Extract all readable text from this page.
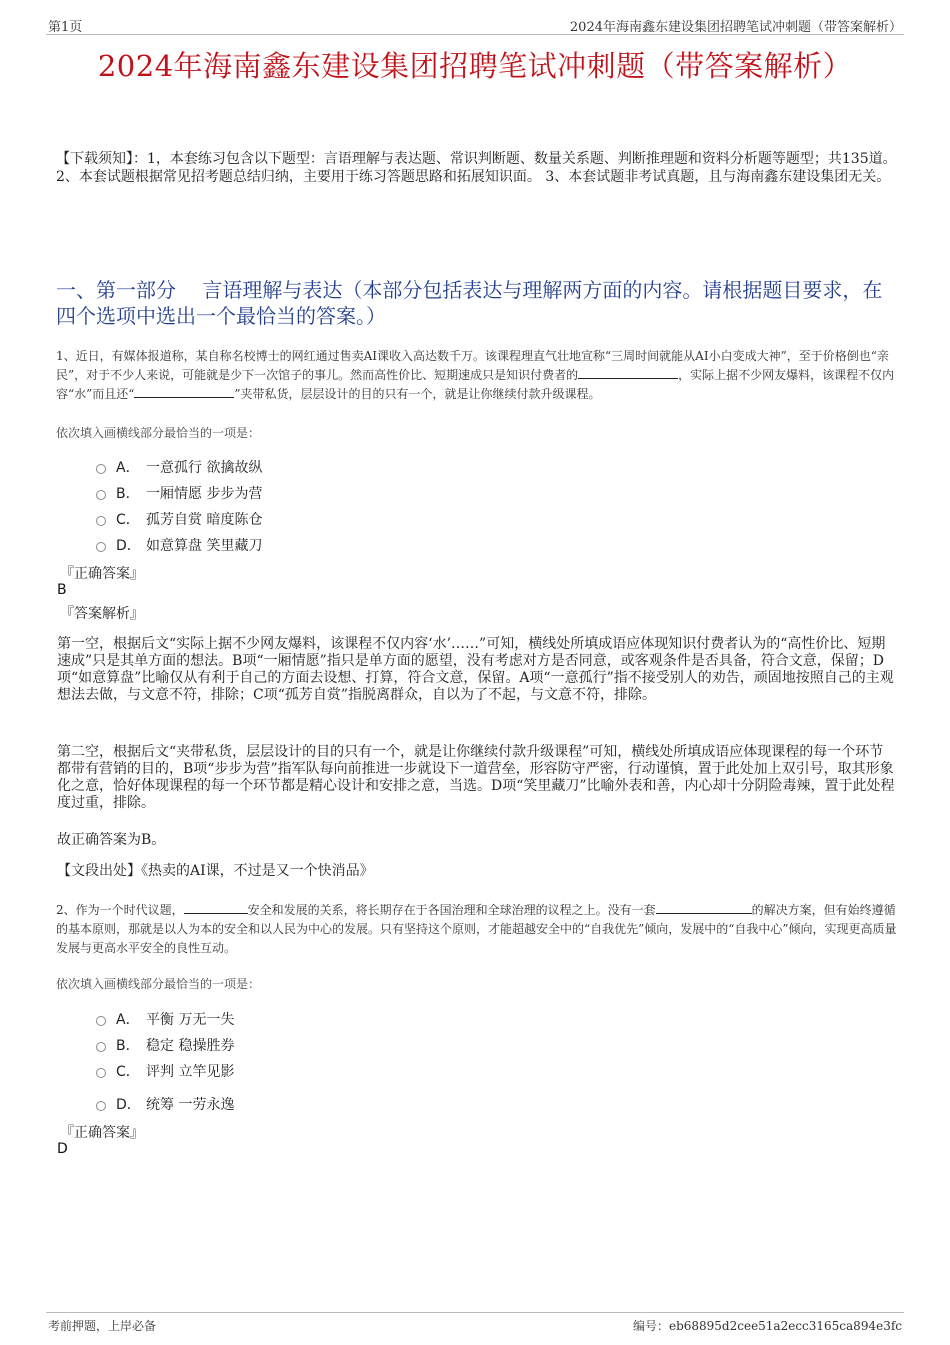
第1页	2024年海南鑫东建设集团招聘笔试冲刺题（带答案解析）
2024年海南鑫东建设集团招聘笔试冲刺题（带答案解析）
【下载须知】：1，本套练习包含以下题型：言语理解与表达题、常识判断题、数量关系题、判断推理题和资料分析题等题型；共135道。 2、本套试题根据常见招考题总结归纳，主要用于练习答题思路和拓展知识面。 3、本套试题非考试真题，且与海南鑫东建设集团无关。
一、第一部分　 言语理解与表达（本部分包括表达与理解两方面的内容。请根据题目要求，在四个选项中选出一个最恰当的答案。）
1、近日，有媒体报道称，某自称名校博士的网红通过售卖AI课收入高达数千万。该课程理直气壮地宣称“三周时间就能从AI小白变成大神”，至于价格倒也“亲民”，对于不少人来说，可能就是少下一次馆子的事儿。然而高性价比、短期速成只是知识付费者的	，实际上据不少网友爆料，该课程不仅内容“水”而且还“	”夹带私货，层层设计的目的只有一个，就是让你继续付款升级课程。
依次填入画横线部分最恰当的一项是：
A． 一意孤行 欲擒故纵
B． 一厢情愿 步步为营
C． 孤芳自赏 暗度陈仓
D． 如意算盘 笑里藏刀
『正确答案』
B
『答案解析』
第一空，根据后文“实际上据不少网友爆料，该课程不仅内容‘水’……”可知，横线处所填成语应体现知识付费者认为的“高性价比、短期速成”只是其单方面的想法。B项“一厢情愿”指只是单方面的愿望，没有考虑对方是否同意，或客观条件是否具备，符合文意，保留；D项“如意算盘”比喻仅从有利于自己的方面去设想、打算，符合文意，保留。A项“一意孤行”指不接受别人的劝告，顽固地按照自己的主观想法去做，与文意不符，排除；C项“孤芳自赏”指脱离群众，自以为了不起，与文意不符，排除。
第二空，根据后文“夹带私货，层层设计的目的只有一个，就是让你继续付款升级课程”可知，横线处所填成语应体现课程的每一个环节都带有营销的目的，B项“步步为营”指军队每向前推进一步就设下一道营垒，形容防守严密，行动谨慎，置于此处加上双引号，取其形象化之意，恰好体现课程的每一个环节都是精心设计和安排之意，当选。D项“笑里藏刀”比喻外表和善，内心却十分阴险毒辣，置于此处程度过重，排除。
故正确答案为B。
【文段出处】《热卖的AI课，不过是又一个快消品》
2、作为一个时代议题，	安全和发展的关系，将长期存在于各国治理和全球治理的议程之上。没有一套	的解决方案，但有始终遵循的基本原则，那就是以人为本的安全和以人民为中心的发展。只有坚持这个原则，才能超越安全中的“自我优先”倾向，发展中的“自我中心”倾向，实现更高质量发展与更高水平安全的良性互动。
依次填入画横线部分最恰当的一项是：
A． 平衡 万无一失
B． 稳定 稳操胜券
C． 评判 立竿见影
D． 统筹 一劳永逸
『正确答案』
D
考前押题，上岸必备	编号：eb68895d2cee51a2ecc3165ca894e3fc
